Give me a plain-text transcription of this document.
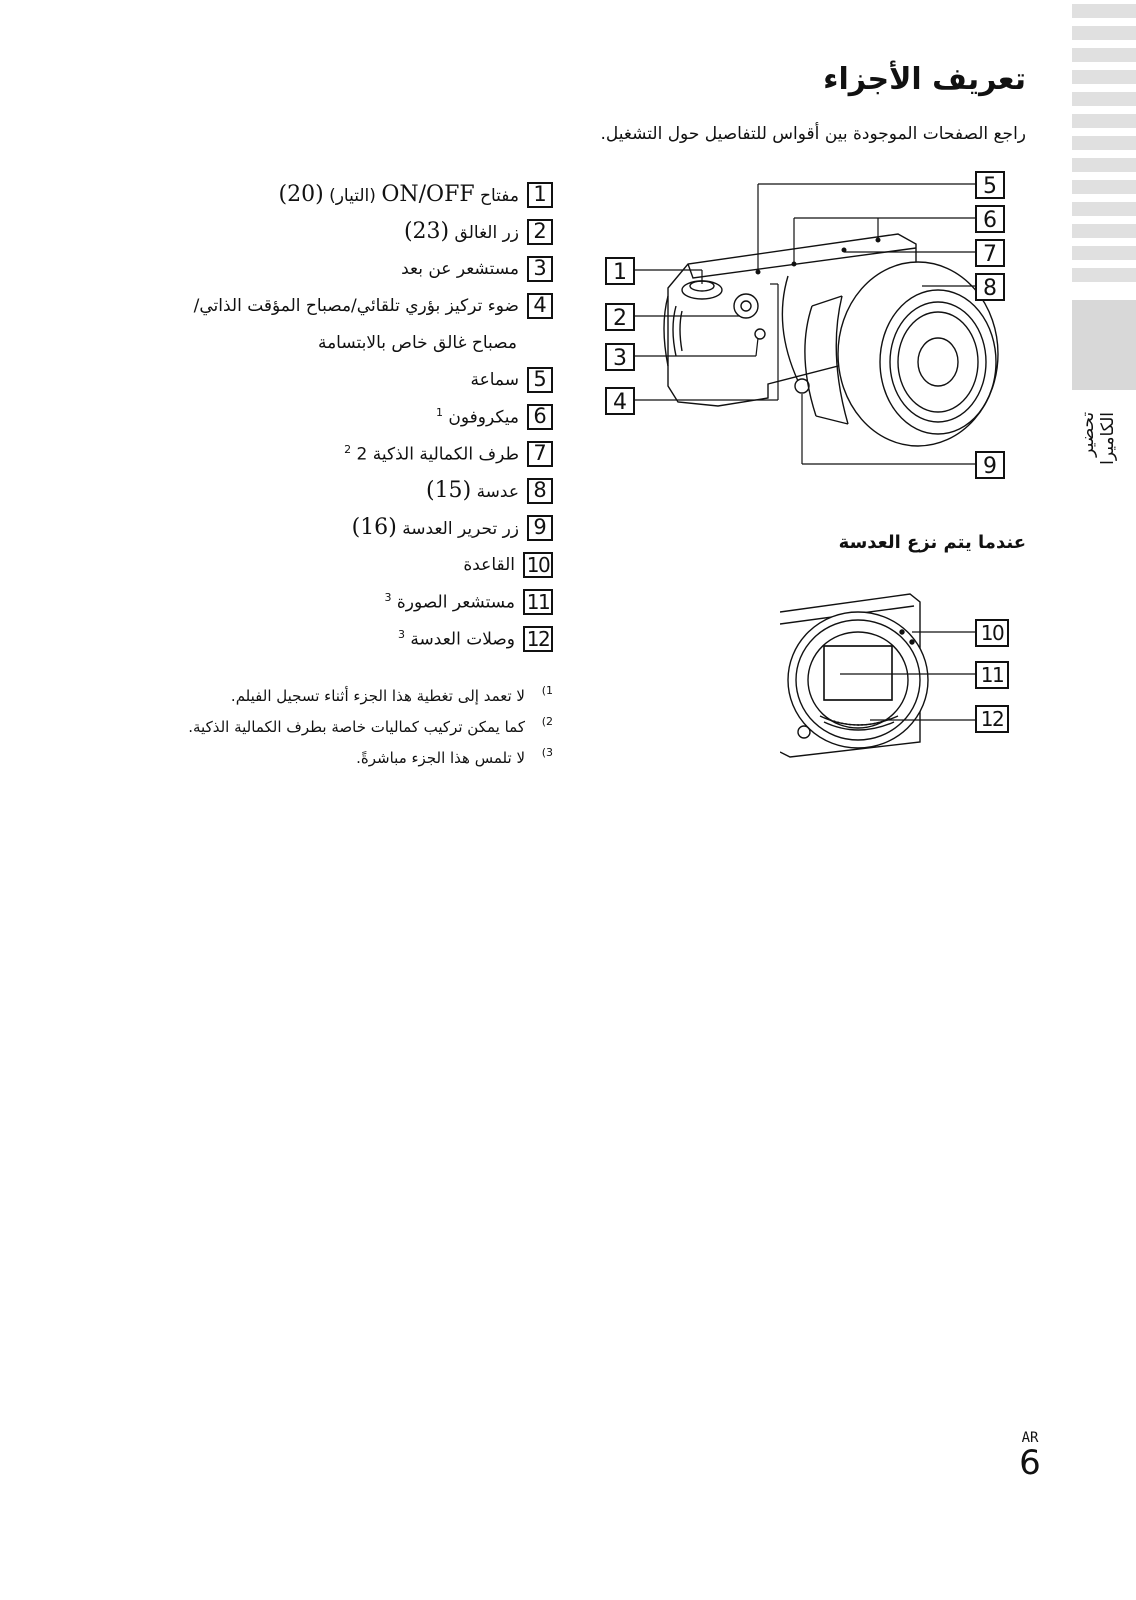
تعريف الأجزاء
راجع الصفحات الموجودة بين أقواس للتفاصيل حول التشغيل.
1
مفتاح ON/OFF (التيار) (20)
2
زر الغالق (23)
3
مستشعر عن بعد
4
ضوء تركيز بؤري تلقائي/مصباح المؤقت الذاتي/
مصباح غالق خاص بالابتسامة
5
سماعة
6
ميكروفون $^1$
7
طرف الكمالية الذكية 2 $^2$
8
عدسة (15)
9
زر تحرير العدسة (16)
10
القاعدة
11
مستشعر الصورة $^3$
12
وصلات العدسة $^3$
1)
لا تعمد إلى تغطية هذا الجزء أثناء تسجيل الفيلم.
2)
كما يمكن تركيب كماليات خاصة بطرف الكمالية الذكية.
3)
لا تلمس هذا الجزء مباشرةً.
1
2
3
4
5
6
7
8
9
عندما يتم نزع العدسة
10
11
12
تحضير الكاميرا
AR
6
